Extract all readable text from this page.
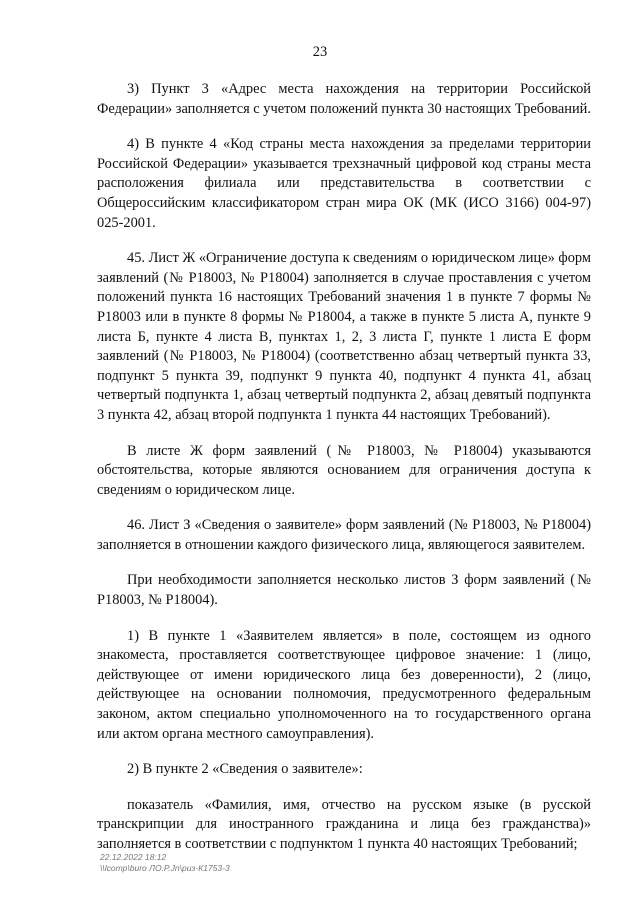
23

3) Пункт 3 «Адрес места нахождения на территории Российской Федерации» заполняется с учетом положений пункта 30 настоящих Требований.

4) В пункте 4 «Код страны места нахождения за пределами территории Российской Федерации» указывается трехзначный цифровой код страны места расположения филиала или представительства в соответствии с Общероссийским классификатором стран мира ОК (МК (ИСО 3166) 004-97) 025-2001.

45. Лист Ж «Ограничение доступа к сведениям о юридическом лице» форм заявлений (№ Р18003, № Р18004) заполняется в случае проставления с учетом положений пункта 16 настоящих Требований значения 1 в пункте 7 формы № Р18003 или в пункте 8 формы № Р18004, а также в пункте 5 листа А, пункте 9 листа Б, пункте 4 листа В, пунктах 1, 2, 3 листа Г, пункте 1 листа Е форм заявлений (№ Р18003, № Р18004) (соответственно абзац четвертый пункта 33, подпункт 5 пункта 39, подпункт 9 пункта 40, подпункт 4 пункта 41, абзац четвертый подпункта 1, абзац четвертый подпункта 2, абзац девятый подпункта 3 пункта 42, абзац второй подпункта 1 пункта 44 настоящих Требований).

В листе Ж форм заявлений (№ Р18003, № Р18004) указываются обстоятельства, которые являются основанием для ограничения доступа к сведениям о юридическом лице.

46. Лист З «Сведения о заявителе» форм заявлений (№ Р18003, № Р18004) заполняется в отношении каждого физического лица, являющегося заявителем.

При необходимости заполняется несколько листов З форм заявлений (№ Р18003, № Р18004).

1) В пункте 1 «Заявителем является» в поле, состоящем из одного знакоместа, проставляется соответствующее цифровое значение: 1 (лицо, действующее от имени юридического лица без доверенности), 2 (лицо, действующее на основании полномочия, предусмотренного федеральным законом, актом специально уполномоченного на то государственного органа или актом органа местного самоуправления).

2) В пункте 2 «Сведения о заявителе»:

показатель «Фамилия, имя, отчество на русском языке (в русской транскрипции для иностранного гражданина и лица без гражданства)» заполняется в соответствии с подпунктом 1 пункта 40 настоящих Требований;

22.12.2022 18:12
\\lcomp\buro ЛО.Р.Jn\pиз-К1753-3
